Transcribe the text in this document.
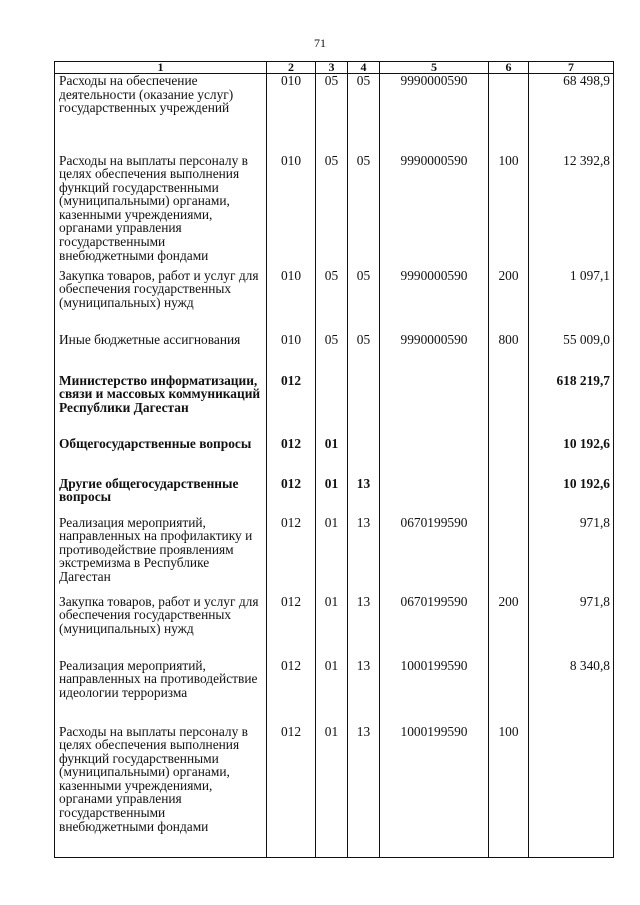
71
1	2	3	4	5	6	7
Расходы на обеспечение деятельности (оказание услуг) государственных учреждений	010	05	05	9990000590		68 498,9
Расходы на выплаты персоналу в целях обеспечения выполнения функций государственными (муниципальными) органами, казенными учреждениями, органами управления государственными внебюджетными фондами	010	05	05	9990000590	100	12 392,8
Закупка товаров, работ и услуг для обеспечения государственных (муниципальных) нужд	010	05	05	9990000590	200	1 097,1
Иные бюджетные ассигнования	010	05	05	9990000590	800	55 009,0
Министерство информатизации, связи и массовых коммуникаций Республики Дагестан	012					618 219,7
Общегосударственные вопросы	012	01				10 192,6
Другие общегосударственные вопросы	012	01	13			10 192,6
Реализация мероприятий, направленных на профилактику и противодействие проявлениям экстремизма в Республике Дагестан	012	01	13	0670199590		971,8
Закупка товаров, работ и услуг для обеспечения государственных (муниципальных) нужд	012	01	13	0670199590	200	971,8
Реализация мероприятий, направленных на противодействие идеологии терроризма	012	01	13	1000199590		8 340,8
Расходы на выплаты персоналу в целях обеспечения выполнения функций государственными (муниципальными) органами, казенными учреждениями, органами управления государственными внебюджетными фондами	012	01	13	1000199590	100	
